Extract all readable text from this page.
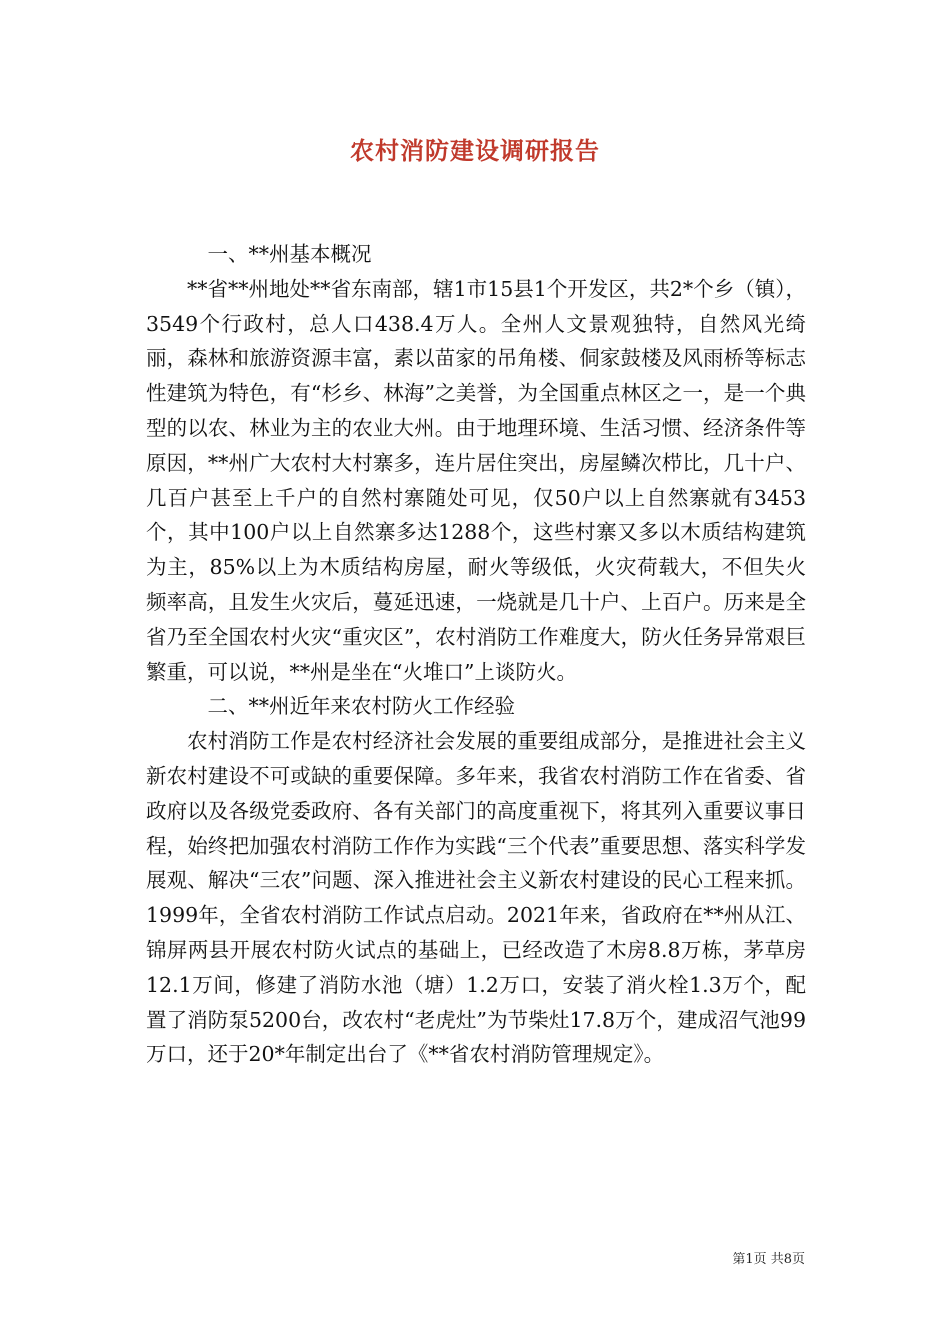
农村消防建设调研报告

一、**州基本概况

**省**州地处**省东南部，辖1市15县1个开发区，共2*个乡（镇），3549个行政村，总人口438.4万人。全州人文景观独特，自然风光绮丽，森林和旅游资源丰富，素以苗家的吊角楼、侗家鼓楼及风雨桥等标志性建筑为特色，有“杉乡、林海”之美誉，为全国重点林区之一，是一个典型的以农、林业为主的农业大州。由于地理环境、生活习惯、经济条件等原因，**州广大农村大村寨多，连片居住突出，房屋鳞次栉比，几十户、几百户甚至上千户的自然村寨随处可见，仅50户以上自然寨就有3453个，其中100户以上自然寨多达1288个，这些村寨又多以木质结构建筑为主，85%以上为木质结构房屋，耐火等级低，火灾荷载大，不但失火频率高，且发生火灾后，蔓延迅速，一烧就是几十户、上百户。历来是全省乃至全国农村火灾“重灾区”，农村消防工作难度大，防火任务异常艰巨繁重，可以说，**州是坐在“火堆口”上谈防火。

二、**州近年来农村防火工作经验

农村消防工作是农村经济社会发展的重要组成部分，是推进社会主义新农村建设不可或缺的重要保障。多年来，我省农村消防工作在省委、省政府以及各级党委政府、各有关部门的高度重视下，将其列入重要议事日程，始终把加强农村消防工作作为实践“三个代表”重要思想、落实科学发展观、解决“三农”问题、深入推进社会主义新农村建设的民心工程来抓。1999年，全省农村消防工作试点启动。2021年来，省政府在**州从江、锦屏两县开展农村防火试点的基础上，已经改造了木房8.8万栋，茅草房12.1万间，修建了消防水池（塘）1.2万口，安装了消火栓1.3万个，配置了消防泵5200台，改农村“老虎灶”为节柴灶17.8万个，建成沼气池99万口，还于20*年制定出台了《**省农村消防管理规定》。

第1页 共8页
